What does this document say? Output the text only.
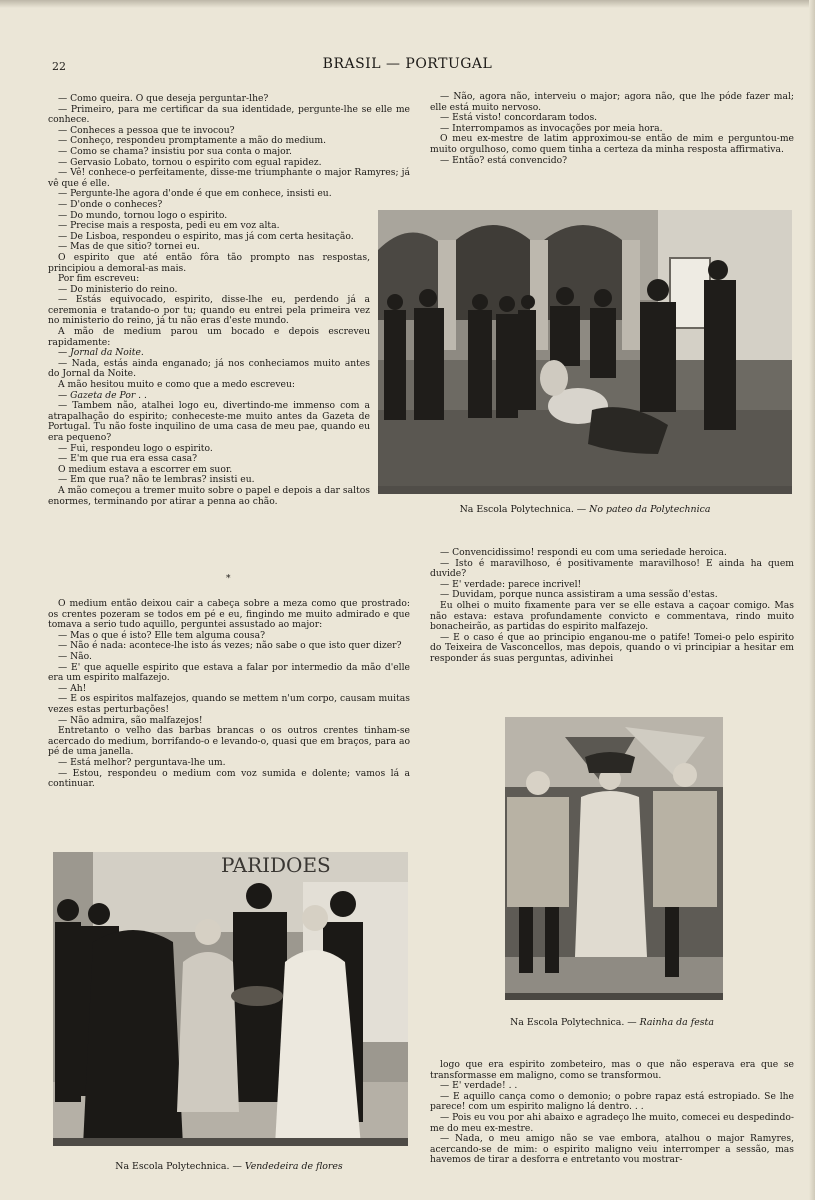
22	BRASIL — PORTUGAL

— Como queira. O que deseja perguntar-lhe?

— Primeiro, para me certificar da sua identidade, pergunte-lhe se elle me conhece.

— Conheces a pessoa que te invocou?

— Conheço, respondeu promptamente a mão do medium.

— Como se chama? insistiu por sua conta o major.

— Gervasio Lobato, tornou o espirito com egual rapidez.

— Vê! conhece-o perfeitamente, disse-me triumphante o major Ramyres; já vê que é elle.

— Pergunte-lhe agora d'onde é que em conhece, insisti eu.

— D'onde o conheces?

— Do mundo, tornou logo o espirito.

— Precise mais a resposta, pedi eu em voz alta.

— De Lisboa, respondeu o espirito, mas já com certa hesitação.

— Mas de que sitio? tornei eu.

O espirito que até então fôra tão prompto nas respostas, principiou a demoral-as mais.

Por fim escreveu:

— Do ministerio do reino.

— Estás equivocado, espirito, disse-lhe eu, perdendo já a ceremonia e tratando-o por tu; quando eu entrei pela primeira vez no ministerio do reino, já tu não eras d'este mundo.

A mão de medium parou um bocado e depois escreveu rapidamente:

— Jornal da Noite.

— Nada, estás ainda enganado; já nos conheciamos muito antes do Jornal da Noite.

A mão hesitou muito e como que a medo escreveu:

— Gazeta de Por . .

— Tambem não, atalhei logo eu, divertindo-me immenso com a atrapalhação do espirito; conheceste-me muito antes da Gazeta de Portugal. Tu não foste inquilino de uma casa de meu pae, quando eu era pequeno?

— Fui, respondeu logo o espirito.

— E'm que rua era essa casa?

O medium estava a escorrer em suor.

— Em que rua? não te lembras? insisti eu.

A mão começou a tremer muito sobre o papel e depois a dar saltos enormes, terminando por atirar a penna ao chão.

*

O medium então deixou cair a cabeça sobre a meza como que prostrado: os crentes pozeram se todos em pé e eu, fingindo me muito admirado e que tomava a serio tudo aquillo, perguntei assustado ao major:

— Mas o que é isto? Elle tem alguma cousa?

— Não é nada: acontece-lhe isto ás vezes; não sabe o que isto quer dizer?

— Não.

— E' que aquelle espirito que estava a falar por intermedio da mão d'elle era um espirito malfazejo.

— Ah!

— E os espiritos malfazejos, quando se mettem n'um corpo, causam muitas vezes estas perturbações!

— Não admira, são malfazejos!

Entretanto o velho das barbas brancas o os outros crentes tinham-se acercado do medium, borrifando-o e levando-o, quasi que em braços, para ao pé de uma janella.

— Está melhor? perguntava-lhe um.

— Estou, respondeu o medium com voz sumida e dolente; vamos lá a continuar.

— Não, agora não, interveiu o major; agora não, que lhe póde fazer mal; elle está muito nervoso.

— Está visto! concordaram todos.

— Interrompamos as invocações por meia hora.

O meu ex-mestre de latim approximou-se então de mim e perguntou-me muito orgulhoso, como quem tinha a certeza da minha resposta affirmativa.

— Então? está convencido?

— Convencidissimo! respondi eu com uma seriedade heroica.

— Isto é maravilhoso, é positivamente maravilhoso! E ainda ha quem duvide?

— E' verdade: parece incrivel!

— Duvidam, porque nunca assistiram a uma sessão d'estas.

Eu olhei o muito fixamente para ver se elle estava a caçoar comigo. Mas não estava: estava profundamente convicto e commentava, rindo muito bonacheirão, as partidas do espirito malfazejo.

— E o caso é que ao principio enganou-me o patife! Tomei-o pelo espirito do Teixeira de Vasconcellos, mas depois, quando o vi principiar a hesitar em responder ás suas perguntas, adivinhei

logo que era espirito zombeteiro, mas o que não esperava era que se transformasse em maligno, como se transformou.

— E' verdade! . .

— E aquillo cança como o demonio; o pobre rapaz está estropiado. Se lhe parece! com um espirito maligno lá dentro. . .

— Pois eu vou por ahi abaixo e agradeço lhe muito, comecei eu despedindo-me do meu ex-mestre.

— Nada, o meu amigo não se vae embora, atalhou o major Ramyres, acercando-se de mim: o espirito maligno veiu interromper a sessão, mas havemos de tirar a desforra e entretanto vou mostrar-

Na Escola Polytechnica. — No pateo da Polytechnica
Na Escola Polytechnica. — Rainha da festa
PARIDOES
Na Escola Polytechnica. — Vendedeira de flores
